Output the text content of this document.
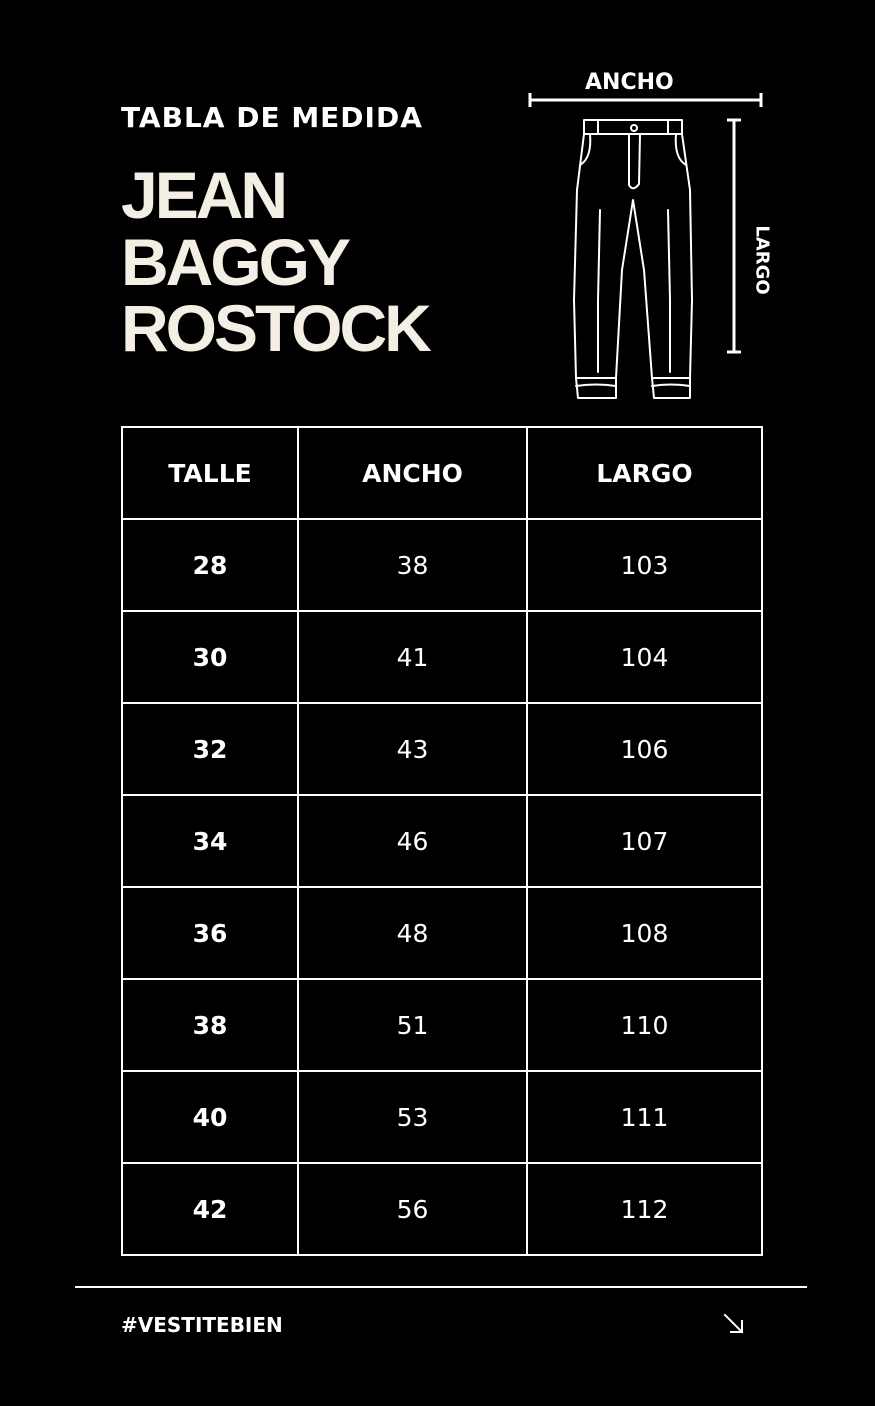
TABLA DE MEDIDA
JEAN
BAGGY
ROSTOCK
ANCHO
LARGO
TALLE	ANCHO	LARGO
28	38	103
30	41	104
32	43	106
34	46	107
36	48	108
38	51	110
40	53	111
42	56	112
#VESTITEBIEN
